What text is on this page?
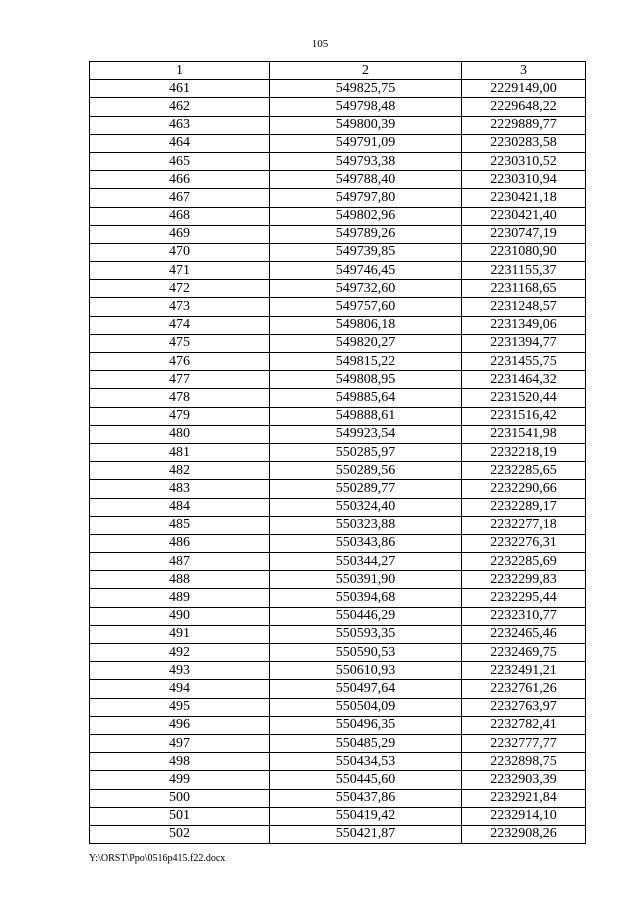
105
1	2	3
461	549825,75	2229149,00
462	549798,48	2229648,22
463	549800,39	2229889,77
464	549791,09	2230283,58
465	549793,38	2230310,52
466	549788,40	2230310,94
467	549797,80	2230421,18
468	549802,96	2230421,40
469	549789,26	2230747,19
470	549739,85	2231080,90
471	549746,45	2231155,37
472	549732,60	2231168,65
473	549757,60	2231248,57
474	549806,18	2231349,06
475	549820,27	2231394,77
476	549815,22	2231455,75
477	549808,95	2231464,32
478	549885,64	2231520,44
479	549888,61	2231516,42
480	549923,54	2231541,98
481	550285,97	2232218,19
482	550289,56	2232285,65
483	550289,77	2232290,66
484	550324,40	2232289,17
485	550323,88	2232277,18
486	550343,86	2232276,31
487	550344,27	2232285,69
488	550391,90	2232299,83
489	550394,68	2232295,44
490	550446,29	2232310,77
491	550593,35	2232465,46
492	550590,53	2232469,75
493	550610,93	2232491,21
494	550497,64	2232761,26
495	550504,09	2232763,97
496	550496,35	2232782,41
497	550485,29	2232777,77
498	550434,53	2232898,75
499	550445,60	2232903,39
500	550437,86	2232921,84
501	550419,42	2232914,10
502	550421,87	2232908,26
Y:\ORST\Ppo\0516p415.f22.docx
